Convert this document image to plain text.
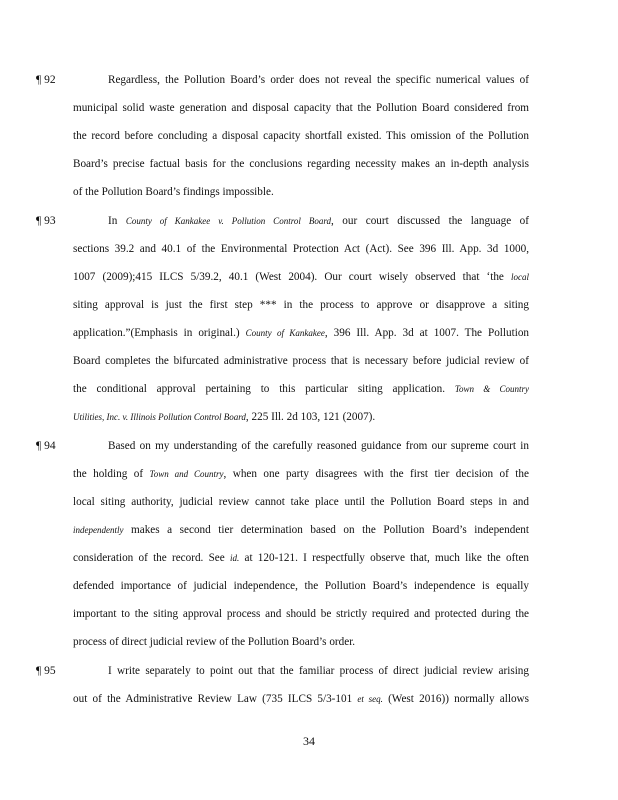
¶ 92	Regardless, the Pollution Board’s order does not reveal the specific numerical values of
municipal solid waste generation and disposal capacity that the Pollution Board considered from
the record before concluding a disposal capacity shortfall existed. This omission of the Pollution
Board’s precise factual basis for the conclusions regarding necessity makes an in-depth analysis
of the Pollution Board’s findings impossible.
¶ 93	In County of Kankakee v. Pollution Control Board, our court discussed the language of
sections 39.2 and 40.1 of the Environmental Protection Act (Act). See 396 Ill. App. 3d 1000,
1007 (2009);415 ILCS 5/39.2, 40.1 (West 2004). Our court wisely observed that ‘the local
siting approval is just the first step *** in the process to approve or disapprove a siting
application.”(Emphasis in original.) County of Kankakee, 396 Ill. App. 3d at 1007. The Pollution
Board completes the bifurcated administrative process that is necessary before judicial review of
the conditional approval pertaining to this particular siting application. Town & Country
Utilities, Inc. v. Illinois Pollution Control Board, 225 Ill. 2d 103, 121 (2007).
¶ 94	Based on my understanding of the carefully reasoned guidance from our supreme court in
the holding of Town and Country, when one party disagrees with the first tier decision of the
local siting authority, judicial review cannot take place until the Pollution Board steps in and
independently makes a second tier determination based on the Pollution Board’s independent
consideration of the record. See id. at 120-121. I respectfully observe that, much like the often
defended importance of judicial independence, the Pollution Board’s independence is equally
important to the siting approval process and should be strictly required and protected during the
process of direct judicial review of the Pollution Board’s order.
¶ 95	I write separately to point out that the familiar process of direct judicial review arising
out of the Administrative Review Law (735 ILCS 5/3-101 et seq. (West 2016)) normally allows
34
